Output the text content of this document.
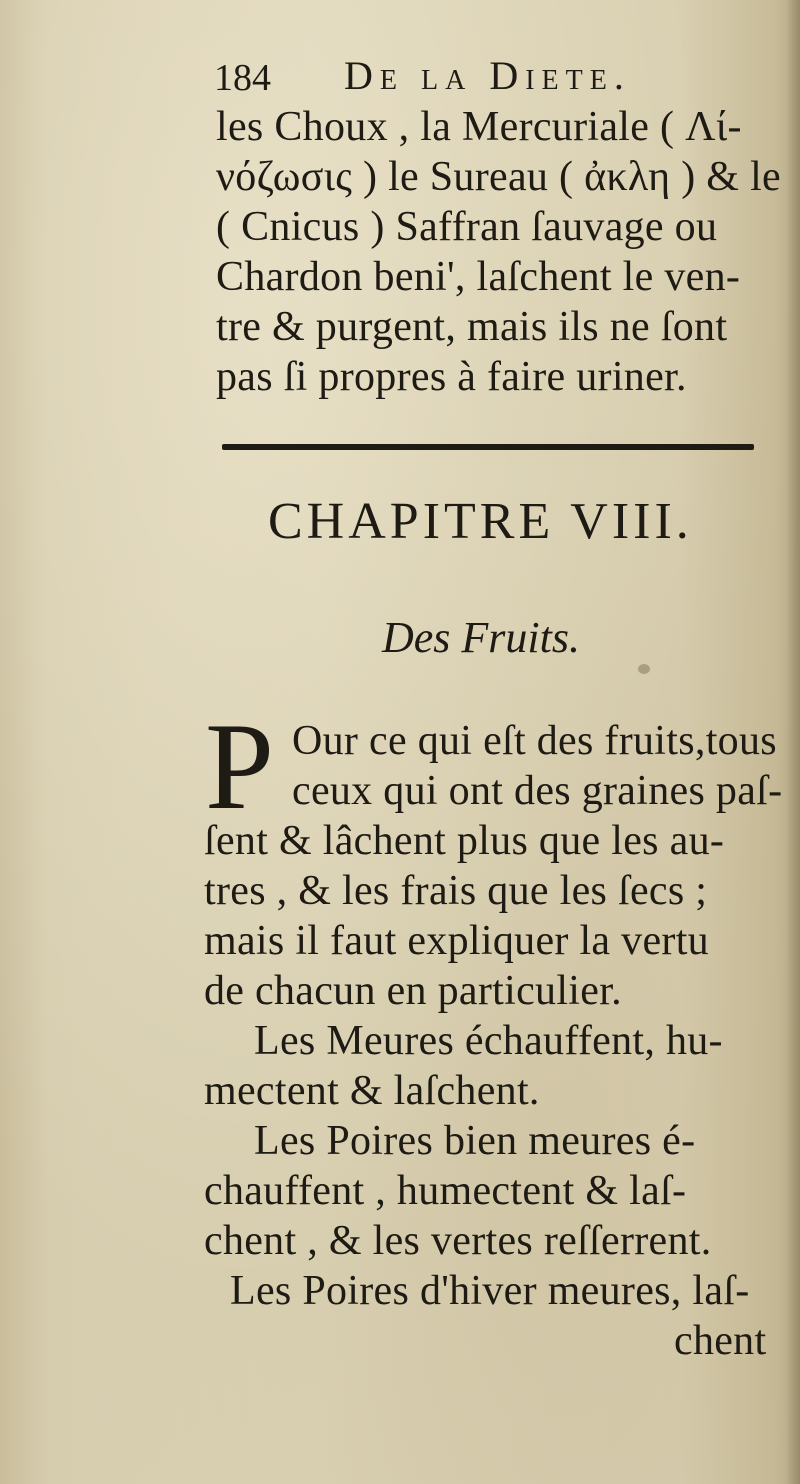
184 De la Diete.
les Choux , la Mercuriale ( Λί-
νόζωσις ) le Sureau ( ἀκλη ) & le
( Cnicus ) Saffran ſauvage ou
Chardon beni', laſchent le ven-
tre & purgent, mais ils ne ſont
pas ſi propres à faire uriner.
CHAPITRE VIII.
Des Fruits.
P Our ce qui eſt des fruits,tous
ceux qui ont des graines paſ-
ſent & lâchent plus que les au-
tres , & les frais que les ſecs ;
mais il faut expliquer la vertu
de chacun en particulier.
Les Meures échauffent, hu-
mectent & laſchent.
Les Poires bien meures é-
chauffent , humectent & laſ-
chent , & les vertes reſſerrent.
Les Poires d'hiver meures, laſ-
chent
